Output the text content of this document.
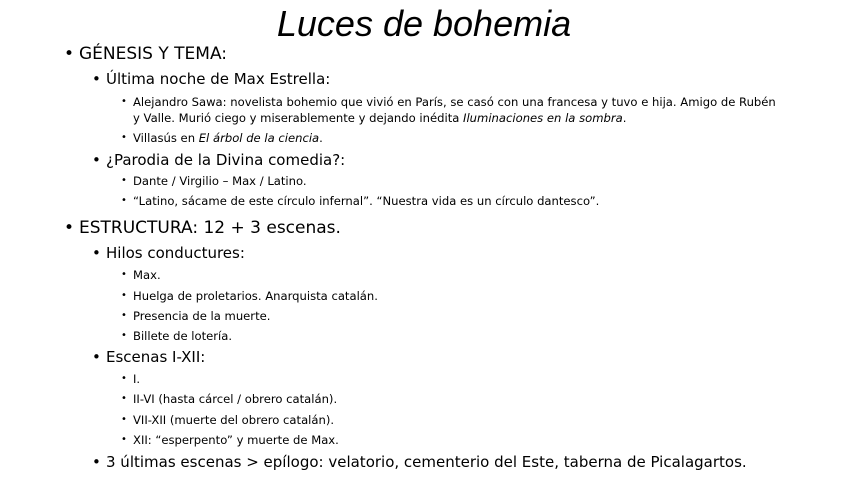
Luces de bohemia
• GÉNESIS Y TEMA:
• Última noche de Max Estrella:
• Alejandro Sawa: novelista bohemio que vivió en París, se casó con una francesa y tuvo e hija. Amigo de Rubén y Valle. Murió ciego y miserablemente y dejando inédita Iluminaciones en la sombra.
• Villasús en El árbol de la ciencia.
• ¿Parodia de la Divina comedia?:
• Dante / Virgilio – Max / Latino.
• “Latino, sácame de este círculo infernal”. “Nuestra vida es un círculo dantesco”.
• ESTRUCTURA: 12 + 3 escenas.
• Hilos conductures:
• Max.
• Huelga de proletarios. Anarquista catalán.
• Presencia de la muerte.
• Billete de lotería.
• Escenas I-XII:
• I.
• II-VI (hasta cárcel / obrero catalán).
• VII-XII (muerte del obrero catalán).
• XII: “esperpento” y muerte de Max.
• 3 últimas escenas > epílogo: velatorio, cementerio del Este, taberna de Picalagartos.
